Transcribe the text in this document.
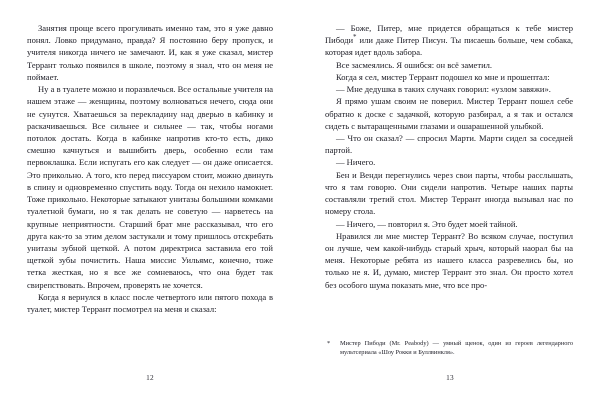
Занятия проще всего прогуливать именно там, это я уже давно понял. Ловко придумано, правда? Я постоянно беру пропуск, и учителя никогда ничего не замечают. И, как я уже сказал, мистер Террант только появился в школе, поэтому я знал, что он меня не поймает.

Ну а в туалете можно и поразвлечься. Все остальные учителя на нашем этаже — женщины, поэтому волноваться нечего, сюда они не сунутся. Хватаешься за перекладину над дверью в кабинку и раскачиваешься. Все сильнее и сильнее — так, чтобы ногами потолок достать. Когда в кабинке напротив кто-то есть, дико смешно качнуться и вышибить дверь, особенно если там первоклашка. Если испугать его как следует — он даже описается. Это прикольно. А того, кто перед писсуаром стоит, можно двинуть в спину и одновременно спустить воду. Тогда он нехило намокнет. Тоже прикольно. Некоторые затыкают унитазы большими комками туалетной бумаги, но я так делать не советую — нарветесь на крупные неприятности. Старший брат мне рассказывал, что его друга как-то за этим делом застукали и тому пришлось отскребать унитазы зубной щеткой. А потом директриса заставила его той щеткой зубы почистить. Наша миссис Уильямс, конечно, тоже тетка жесткая, но я все же сомневаюсь, что она будет так свирепствовать. Впрочем, проверять не хочется.

Когда я вернулся в класс после четвертого или пятого похода в туалет, мистер Террант посмотрел на меня и сказал:

12

— Боже, Питер, мне придется обращаться к тебе мистер Пибоди* или даже Питер Писун. Ты писаешь больше, чем собака, которая идет вдоль забора.

Все засмеялись. Я ошибся: он всё заметил.

Когда я сел, мистер Террант подошел ко мне и прошептал:

— Мне дедушка в таких случаях говорил: «узлом завяжи».

Я прямо ушам своим не поверил. Мистер Террант пошел себе обратно к доске с задачкой, которую разбирал, а я так и остался сидеть с вытаращенными глазами и ошарашенной улыбкой.

— Что он сказал? — спросил Марти. Марти сидел за соседней партой.

— Ничего.

Бен и Венди перегнулись через свои парты, чтобы расслышать, что я там говорю. Они сидели напротив. Четыре наших парты составляли третий стол. Мистер Террант иногда вызывал нас по номеру стола.

— Ничего, — повторил я. Это будет моей тайной.

Нравился ли мне мистер Террант? Во всяком случае, поступил он лучше, чем какой-нибудь старый хрыч, который наорал бы на меня. Некоторые ребята из нашего класса разревелись бы, но только не я. И, думаю, мистер Террант это знал. Он просто хотел без особого шума показать мне, что все про-

*	Мистер Пибоди (Mr. Peabody) — умный щенок, один из героев легендарного мультсериала «Шоу Рокки и Буллвинкля».
13
